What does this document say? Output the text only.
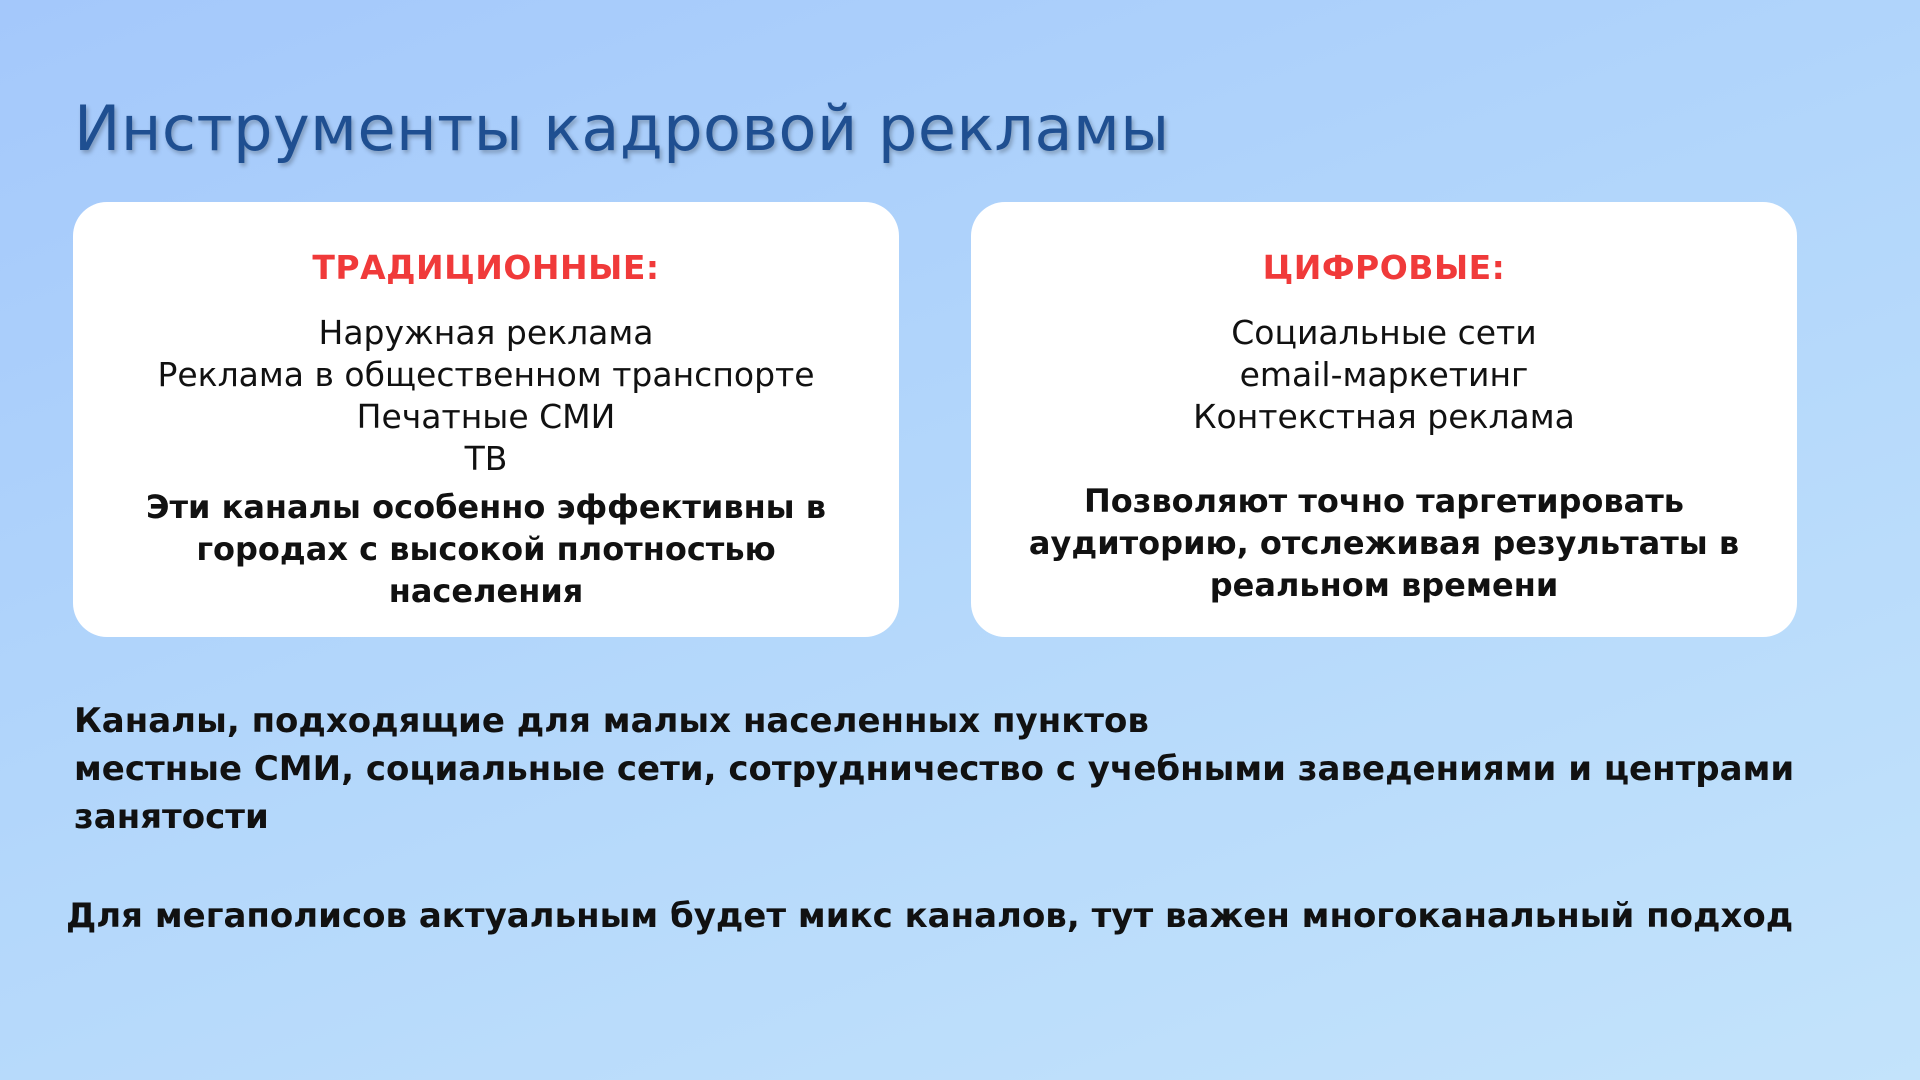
Инструменты кадровой рекламы
ТРАДИЦИОННЫЕ:
Наружная реклама
Реклама в общественном транспорте
Печатные СМИ
ТВ
Эти каналы особенно эффективны в городах с высокой плотностью населения
ЦИФРОВЫЕ:
Социальные сети
email-маркетинг
Контекстная реклама
Позволяют точно таргетировать аудиторию, отслеживая результаты в реальном времени
Каналы, подходящие для малых населенных пунктов
местные СМИ, социальные сети, сотрудничество с учебными заведениями и центрами занятости
Для мегаполисов актуальным будет микс каналов, тут важен многоканальный подход
